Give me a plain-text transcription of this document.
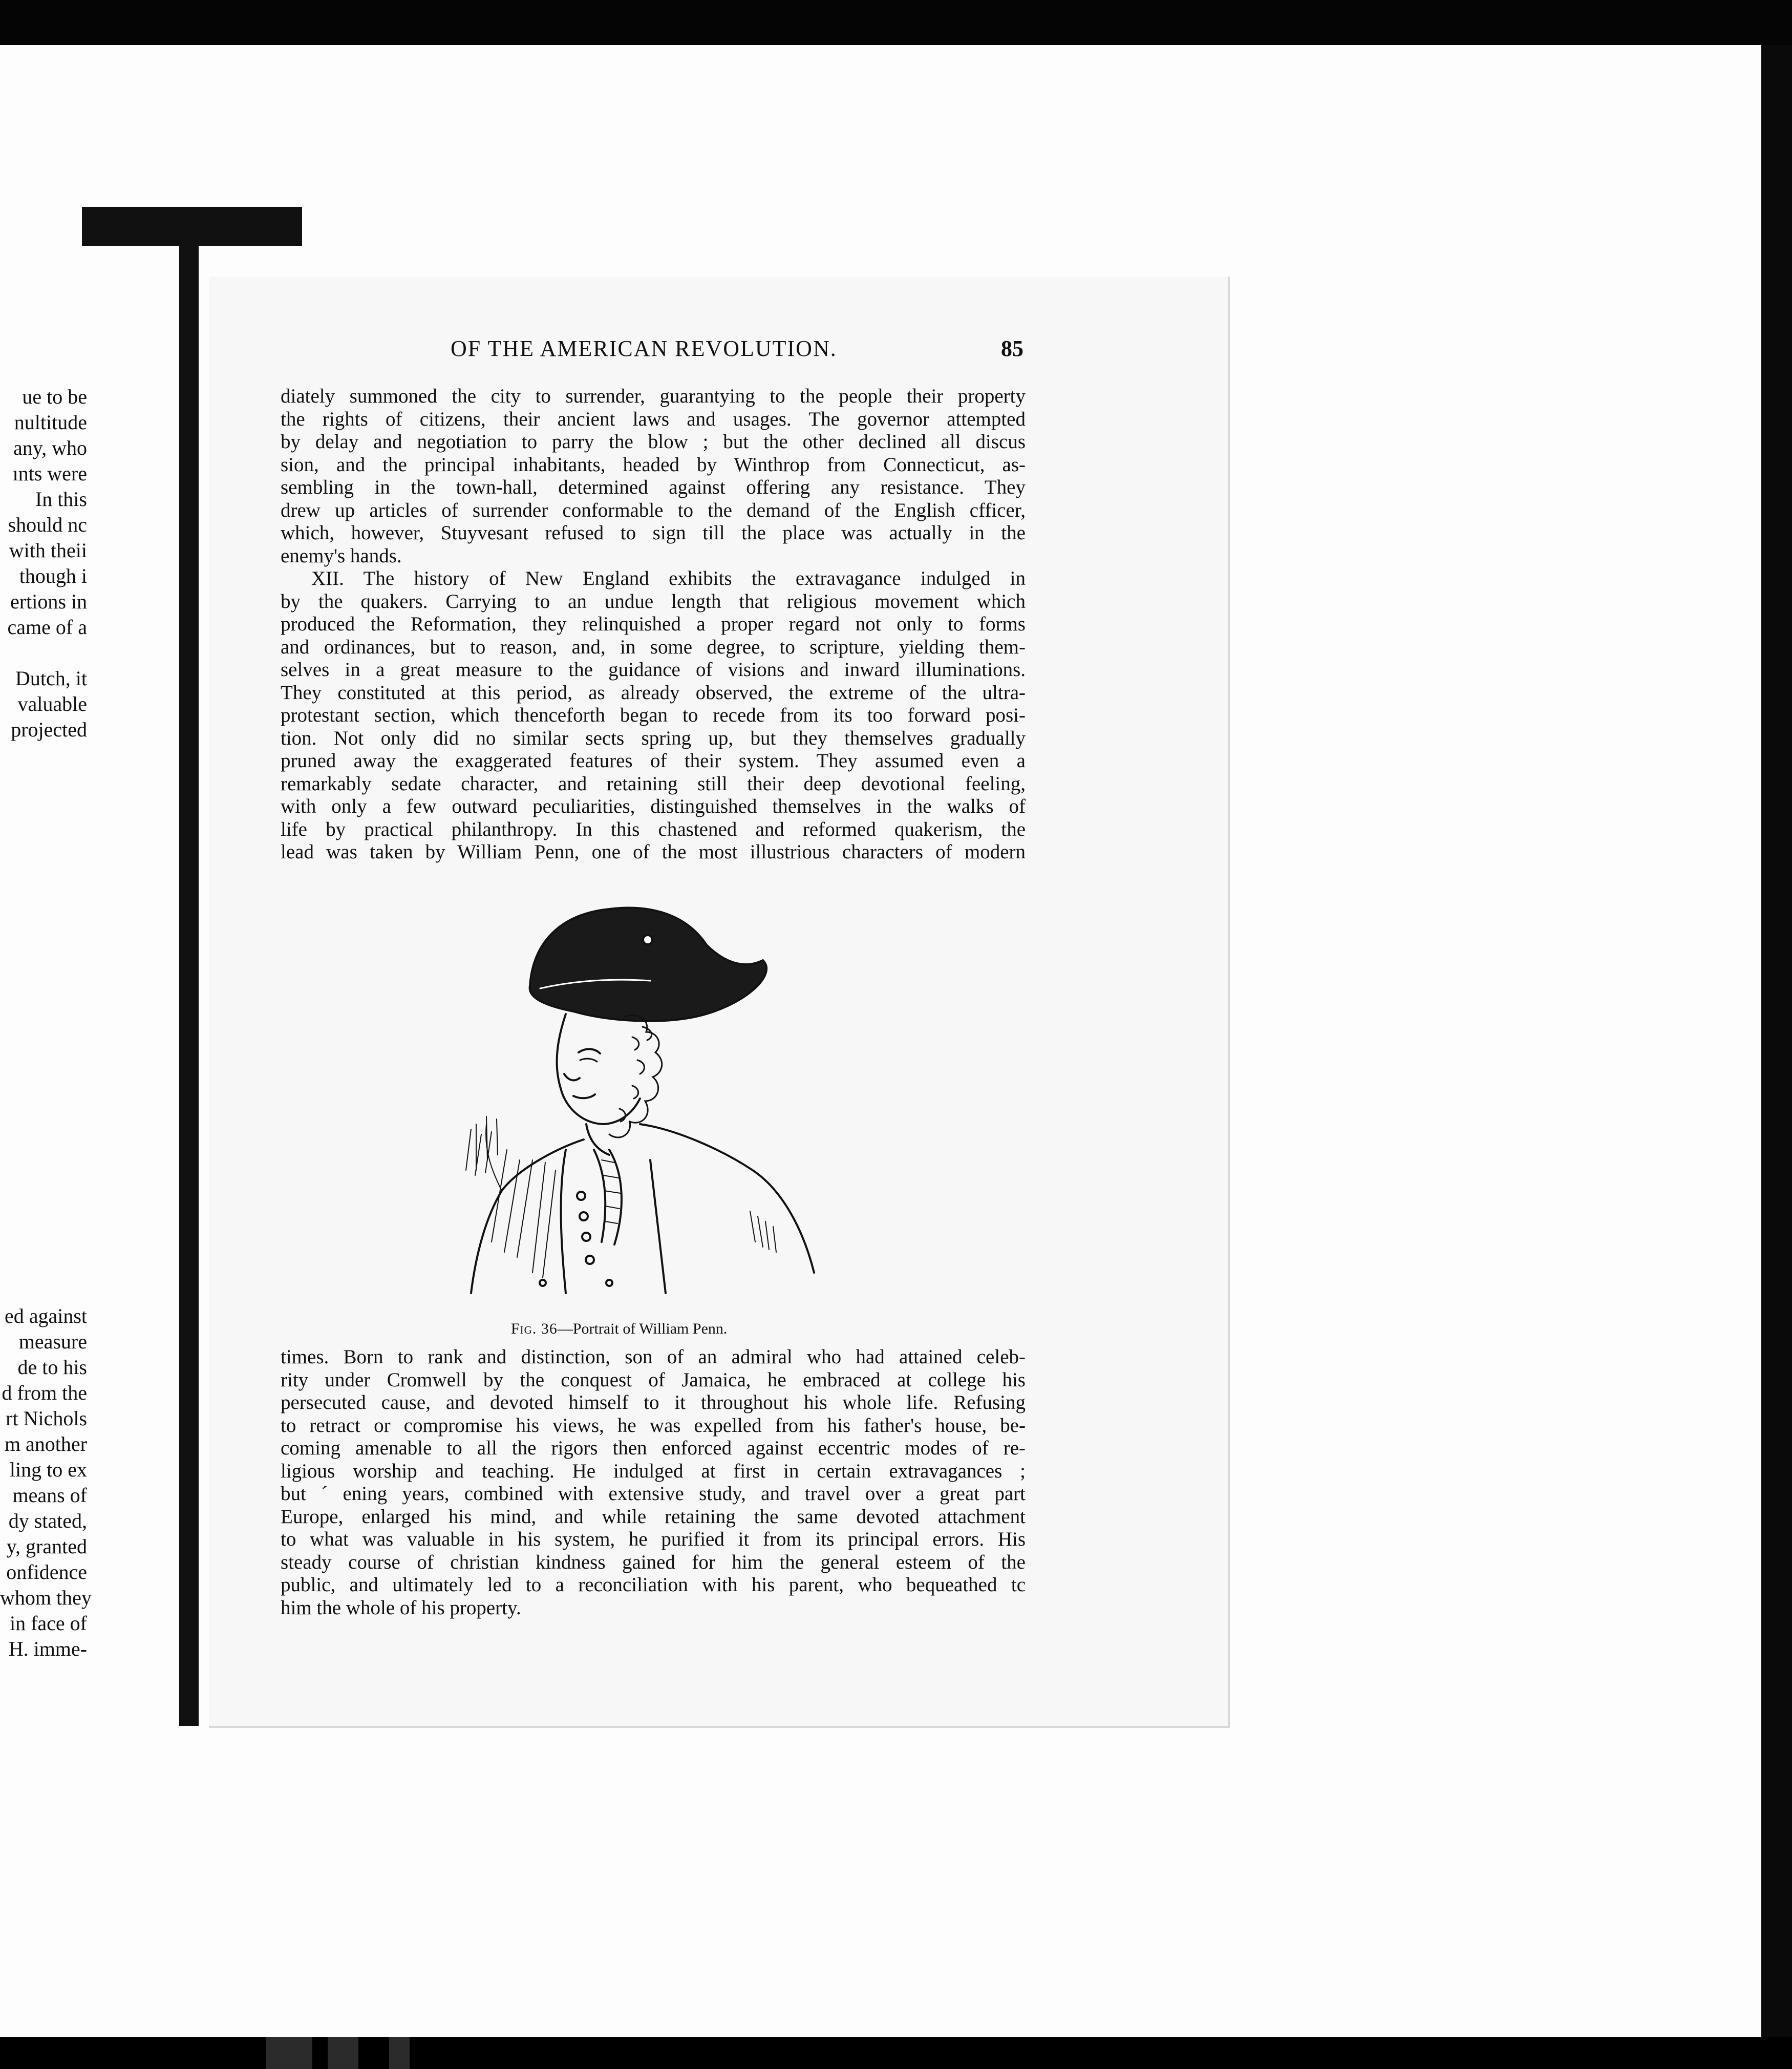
ue to be
nultitude
any, who
ınts were
In this
should nc
with theii
though i
ertions in
came of a

Dutch, it
valuable
projected
ed against
measure
de to his
d from the
rt Nichols
m another
ling to ex
means of
dy stated,
y, granted
onfidence
whom they
in face of
H. imme-
OF THE AMERICAN REVOLUTION.	85
diately summoned the city to surrender, guarantying to the people their property
the rights of citizens, their ancient laws and usages. The governor attempted
by delay and negotiation to parry the blow ; but the other declined all discus
sion, and the principal inhabitants, headed by Winthrop from Connecticut, as-
sembling in the town-hall, determined against offering any resistance. They
drew up articles of surrender conformable to the demand of the English cfficer,
which, however, Stuyvesant refused to sign till the place was actually in the
enemy's hands.
XII. The history of New England exhibits the extravagance indulged in
by the quakers. Carrying to an undue length that religious movement which
produced the Reformation, they relinquished a proper regard not only to forms
and ordinances, but to reason, and, in some degree, to scripture, yielding them-
selves in a great measure to the guidance of visions and inward illuminations.
They constituted at this period, as already observed, the extreme of the ultra-
protestant section, which thenceforth began to recede from its too forward posi-
tion. Not only did no similar sects spring up, but they themselves gradually
pruned away the exaggerated features of their system. They assumed even a
remarkably sedate character, and retaining still their deep devotional feeling,
with only a few outward peculiarities, distinguished themselves in the walks of
life by practical philanthropy. In this chastened and reformed quakerism, the
lead was taken by William Penn, one of the most illustrious characters of modern
Fig. 36—Portrait of William Penn.
times. Born to rank and distinction, son of an admiral who had attained celeb-
rity under Cromwell by the conquest of Jamaica, he embraced at college his
persecuted cause, and devoted himself to it throughout his whole life. Refusing
to retract or compromise his views, he was expelled from his father's house, be-
coming amenable to all the rigors then enforced against eccentric modes of re-
ligious worship and teaching. He indulged at first in certain extravagances ;
but ´ ening years, combined with extensive study, and travel over a great part
Europe, enlarged his mind, and while retaining the same devoted attachment
to what was valuable in his system, he purified it from its principal errors. His
steady course of christian kindness gained for him the general esteem of the
public, and ultimately led to a reconciliation with his parent, who bequeathed tc
him the whole of his property.
